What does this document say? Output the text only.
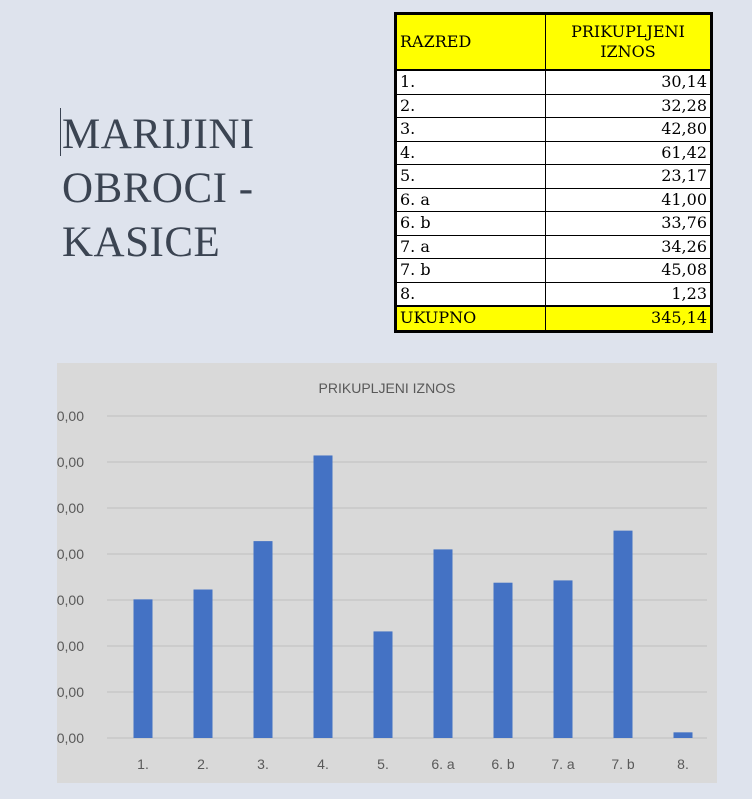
MARIJINI
OBROCI -
KASICE
PRIKUPLJENI IZNOS
0,00
0,00
0,00
0,00
0,00
0,00
0,00
0,00
1.	2.	3.	4.	5.	6. a	6. b	7. a	7. b	8.
RAZRED	PRIKUPLJENI IZNOS
1.	30,14
2.	32,28
3.	42,80
4.	61,42
5.	23,17
6. a	41,00
6. b	33,76
7. a	34,26
7. b	45,08
8.	1,23
UKUPNO	345,14
